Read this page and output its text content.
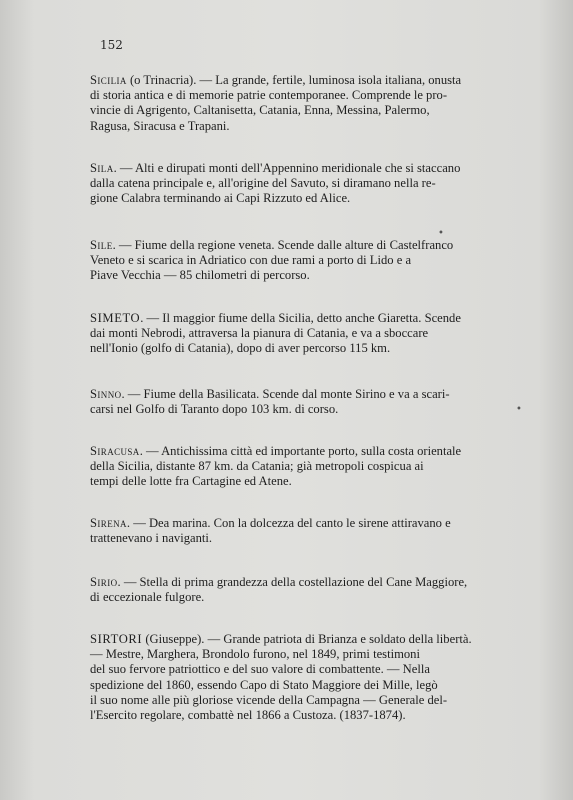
152
Sicilia (o Trinacria). — La grande, fertile, luminosa isola italiana, onusta
di storia antica e di memorie patrie contemporanee. Comprende le pro-
vincie di Agrigento, Caltanisetta, Catania, Enna, Messina, Palermo,
Ragusa, Siracusa e Trapani.
Sila. — Alti e dirupati monti dell'Appennino meridionale che si staccano
dalla catena principale e, all'origine del Savuto, si diramano nella re-
gione Calabra terminando ai Capi Rizzuto ed Alice.
•
Sile. — Fiume della regione veneta. Scende dalle alture di Castelfranco
Veneto e si scarica in Adriatico con due rami a porto di Lido e a
Piave Vecchia — 85 chilometri di percorso.
SIMETO. — Il maggior fiume della Sicilia, detto anche Giaretta. Scende
dai monti Nebrodi, attraversa la pianura di Catania, e va a sboccare
nell'Ionio (golfo di Catania), dopo di aver percorso 115 km.
Sinno. — Fiume della Basilicata. Scende dal monte Sirino e va a scari-
carsi nel Golfo di Taranto dopo 103 km. di corso.	•
Siracusa. — Antichissima città ed importante porto, sulla costa orientale
della Sicilia, distante 87 km. da Catania; già metropoli cospicua ai
tempi delle lotte fra Cartagine ed Atene.
Sirena. — Dea marina. Con la dolcezza del canto le sirene attiravano e
trattenevano i naviganti.
Sirio. — Stella di prima grandezza della costellazione del Cane Maggiore,
di eccezionale fulgore.
SIRTORI (Giuseppe). — Grande patriota di Brianza e soldato della libertà.
— Mestre, Marghera, Brondolo furono, nel 1849, primi testimoni
del suo fervore patriottico e del suo valore di combattente. — Nella
spedizione del 1860, essendo Capo di Stato Maggiore dei Mille, legò
il suo nome alle più gloriose vicende della Campagna — Generale del-
l'Esercito regolare, combattè nel 1866 a Custoza. (1837-1874).
